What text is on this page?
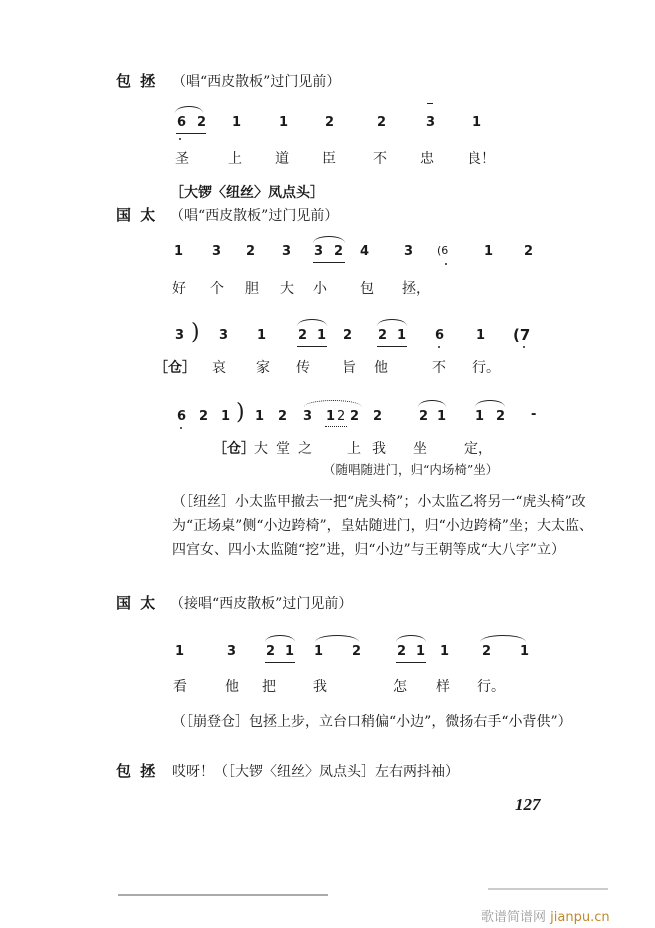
包 拯 （唱“西皮散板”过门见前）
6 2 1	1	2	2	3	1
圣	上 道 臣	不 忠 良！
［大锣〈纽丝〉凤点头］
国 太 （唱“西皮散板”过门见前）
1 3 2 3 3 2 4	3 (6	1 2
好 个 胆 大 小 包 拯，
3 ) 3 1 2 1 2 2 1 6 1 (7
［仓］ 哀 家 传 旨 他	不 行。
6 2 1 ) 1 2 3 1 2 2 2	2 1 1 2 -
［仓］ 大 堂 之	上 我 坐	定，
（随唱随进门，归“内场椅”坐）
（［纽丝］小太监甲撤去一把“虎头椅”；小太监乙将另一“虎头椅”改为“正场桌”侧“小边跨椅”，皇姑随进门，归“小边跨椅”坐；大太监、四宫女、四小太监随“挖”进，归“小边”与王朝等成“大八字”立）
国 太 （接唱“西皮散板”过门见前）
1	3 2 1 1 2	2 1 1	2 1
看	他 把	我	怎 样 行。
（［崩登仓］包拯上步，立台口稍偏“小边”，微扬右手“小背供”）
包 拯 哎呀！（［大锣〈纽丝〉凤点头］左右两抖袖）
127
歌谱简谱网 jianpu.cn
